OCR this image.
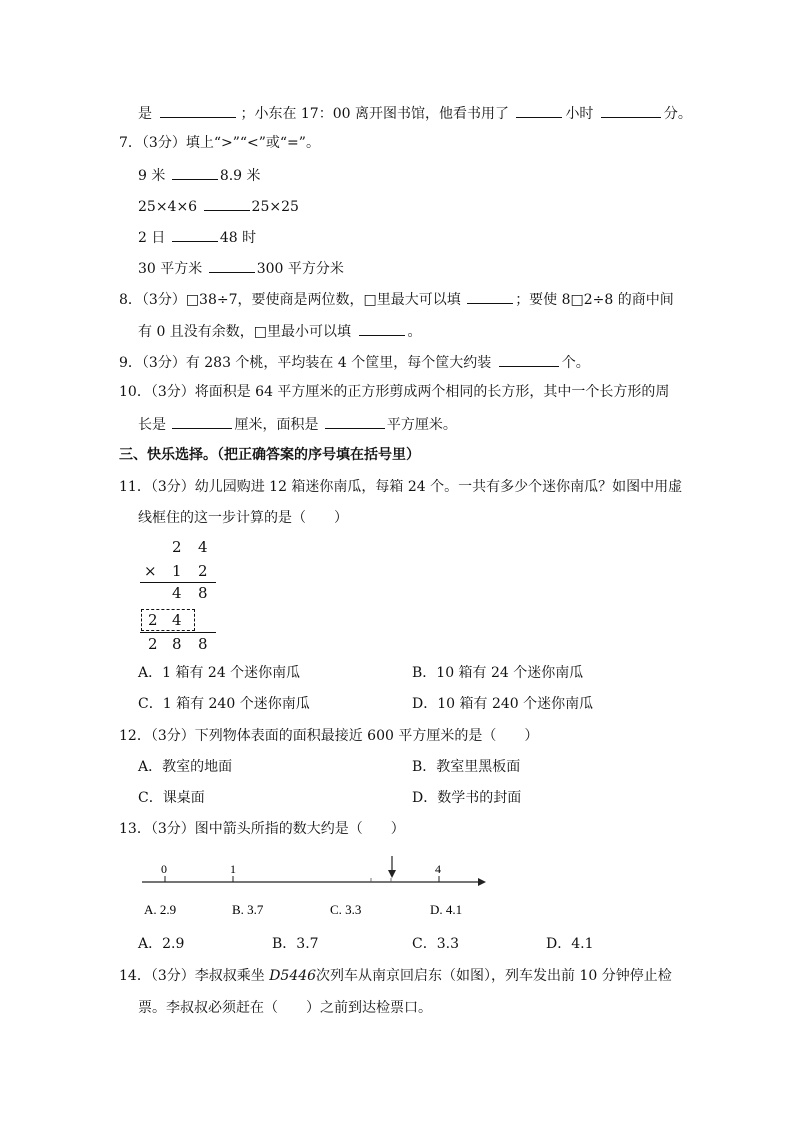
是	；小东在 17：00 离开图书馆，他看书用了	小时	分。
7．（3分）填上“>”“<”或“=”。
9 米	8.9 米
25×4×6	25×25
2 日	48 时
30 平方米	300 平方分米
8．（3分）□38÷7，要使商是两位数，□里最大可以填	；要使 8□2÷8 的商中间
有 0 且没有余数，□里最小可以填	。
9．（3分）有 283 个桃，平均装在 4 个筐里，每个筐大约装	个。
10．（3分）将面积是 64 平方厘米的正方形剪成两个相同的长方形，其中一个长方形的周
长是	厘米，面积是	平方厘米。
三、快乐选择。（把正确答案的序号填在括号里）
11．（3分）幼儿园购进 12 箱迷你南瓜，每箱 24 个。一共有多少个迷你南瓜？如图中用虚
线框住的这一步计算的是（　　）
2 4
× 1 2
4 8
2 4
2 8 8
A．1 箱有 24 个迷你南瓜	B．10 箱有 24 个迷你南瓜
C．1 箱有 240 个迷你南瓜	D．10 箱有 240 个迷你南瓜
12．（3分）下列物体表面的面积最接近 600 平方厘米的是（　　）
A．教室的地面	B．教室里黑板面
C．课桌面	D．数学书的封面
13．（3分）图中箭头所指的数大约是（　　）
0	1	4
A. 2.9	B. 3.7	C. 3.3	D. 4.1
A．2.9	B．3.7	C．3.3	D．4.1
14．（3分）李叔叔乘坐 D5446次列车从南京回启东（如图），列车发出前 10 分钟停止检
票。李叔叔必须赶在（　　）之前到达检票口。
